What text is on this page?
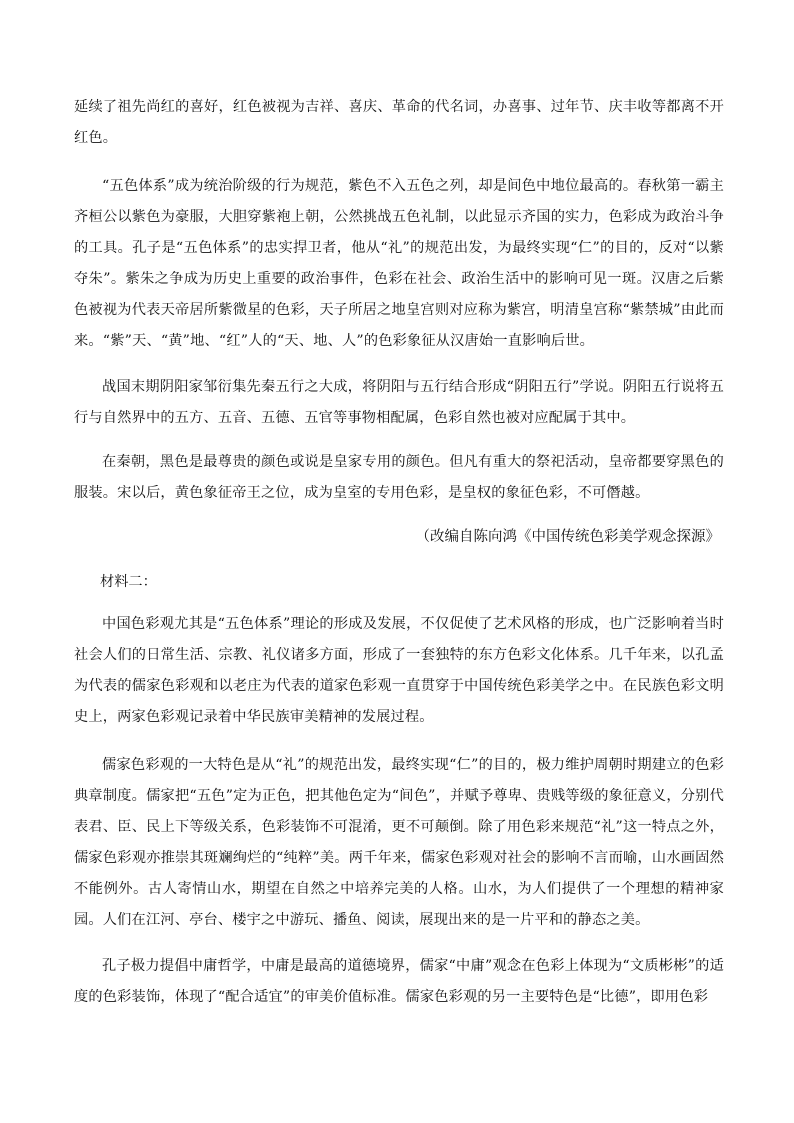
延续了祖先尚红的喜好，红色被视为吉祥、喜庆、革命的代名词，办喜事、过年节、庆丰收等都离不开红色。

“五色体系”成为统治阶级的行为规范，紫色不入五色之列，却是间色中地位最高的。春秋第一霸主齐桓公以紫色为豪服，大胆穿紫袍上朝，公然挑战五色礼制，以此显示齐国的实力，色彩成为政治斗争的工具。孔子是“五色体系”的忠实捍卫者，他从“礼”的规范出发，为最终实现“仁”的目的，反对“以紫夺朱”。紫朱之争成为历史上重要的政治事件，色彩在社会、政治生活中的影响可见一斑。汉唐之后紫色被视为代表天帝居所紫微星的色彩，天子所居之地皇宫则对应称为紫宫，明清皇宫称“紫禁城”由此而来。“紫”天、“黄”地、“红”人的“天、地、人”的色彩象征从汉唐始一直影响后世。

战国末期阴阳家邹衍集先秦五行之大成，将阴阳与五行结合形成“阴阳五行”学说。阴阳五行说将五行与自然界中的五方、五音、五德、五官等事物相配属，色彩自然也被对应配属于其中。

在秦朝，黑色是最尊贵的颜色或说是皇家专用的颜色。但凡有重大的祭祀活动，皇帝都要穿黑色的服装。宋以后，黄色象征帝王之位，成为皇室的专用色彩，是皇权的象征色彩，不可僭越。

（改编自陈向鸿《中国传统色彩美学观念探源》

材料二：

中国色彩观尤其是“五色体系”理论的形成及发展，不仅促使了艺术风格的形成，也广泛影响着当时社会人们的日常生活、宗教、礼仪诸多方面，形成了一套独特的东方色彩文化体系。几千年来，以孔孟为代表的儒家色彩观和以老庄为代表的道家色彩观一直贯穿于中国传统色彩美学之中。在民族色彩文明史上，两家色彩观记录着中华民族审美精神的发展过程。

儒家色彩观的一大特色是从“礼”的规范出发，最终实现“仁”的目的，极力维护周朝时期建立的色彩典章制度。儒家把“五色”定为正色，把其他色定为“间色”，并赋予尊卑、贵贱等级的象征意义，分别代表君、臣、民上下等级关系，色彩装饰不可混淆，更不可颠倒。除了用色彩来规范“礼”这一特点之外，儒家色彩观亦推崇其斑斓绚烂的“纯粹”美。两千年来，儒家色彩观对社会的影响不言而喻，山水画固然不能例外。古人寄情山水，期望在自然之中培养完美的人格。山水，为人们提供了一个理想的精神家园。人们在江河、亭台、楼宇之中游玩、播鱼、阅读，展现出来的是一片平和的静态之美。

孔子极力提倡中庸哲学，中庸是最高的道德境界，儒家“中庸”观念在色彩上体现为“文质彬彬”的适度的色彩装饰，体现了“配合适宜”的审美价值标准。儒家色彩观的另一主要特色是“比德”，即用色彩
